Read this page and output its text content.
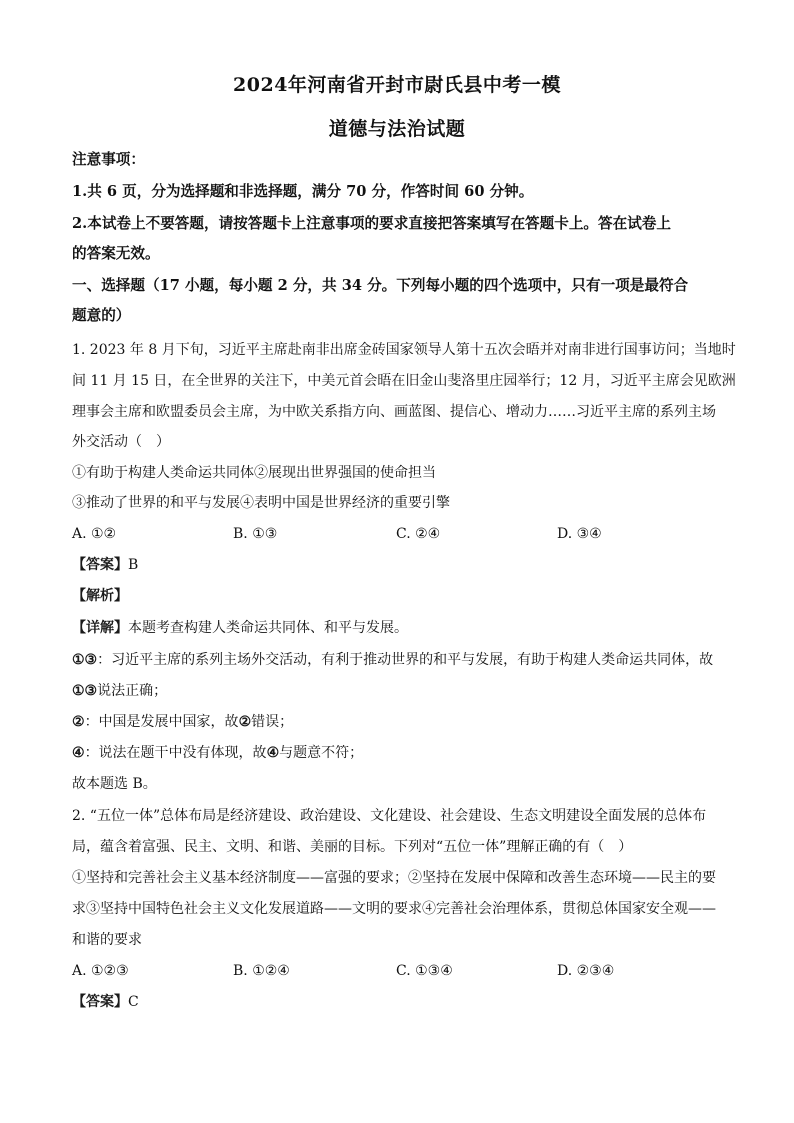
2024年河南省开封市尉氏县中考一模
道德与法治试题
注意事项：
1.共 6 页，分为选择题和非选择题，满分 70 分，作答时间 60 分钟。
2.本试卷上不要答题，请按答题卡上注意事项的要求直接把答案填写在答题卡上。答在试卷上
的答案无效。
一、选择题（17 小题，每小题 2 分，共 34 分。下列每小题的四个选项中，只有一项是最符合
题意的）
1. 2023 年 8 月下旬，习近平主席赴南非出席金砖国家领导人第十五次会晤并对南非进行国事访问；当地时
间 11 月 15 日，在全世界的关注下，中美元首会晤在旧金山斐洛里庄园举行；12 月，习近平主席会见欧洲
理事会主席和欧盟委员会主席，为中欧关系指方向、画蓝图、提信心、增动力……习近平主席的系列主场
外交活动（　）
①有助于构建人类命运共同体②展现出世界强国的使命担当
③推动了世界的和平与发展④表明中国是世界经济的重要引擎
A. ①②	B. ①③	C. ②④	D. ③④
【答案】B
【解析】
【详解】本题考查构建人类命运共同体、和平与发展。
①③：习近平主席的系列主场外交活动，有利于推动世界的和平与发展，有助于构建人类命运共同体，故
①③说法正确；
②：中国是发展中国家，故②错误；
④：说法在题干中没有体现，故④与题意不符；
故本题选 B。
2. “五位一体”总体布局是经济建设、政治建设、文化建设、社会建设、生态文明建设全面发展的总体布
局，蕴含着富强、民主、文明、和谐、美丽的目标。下列对“五位一体”理解正确的有（　）
①坚持和完善社会主义基本经济制度——富强的要求；②坚持在发展中保障和改善生态环境——民主的要
求③坚持中国特色社会主义文化发展道路——文明的要求④完善社会治理体系，贯彻总体国家安全观——
和谐的要求
A. ①②③	B. ①②④	C. ①③④	D. ②③④
【答案】C
